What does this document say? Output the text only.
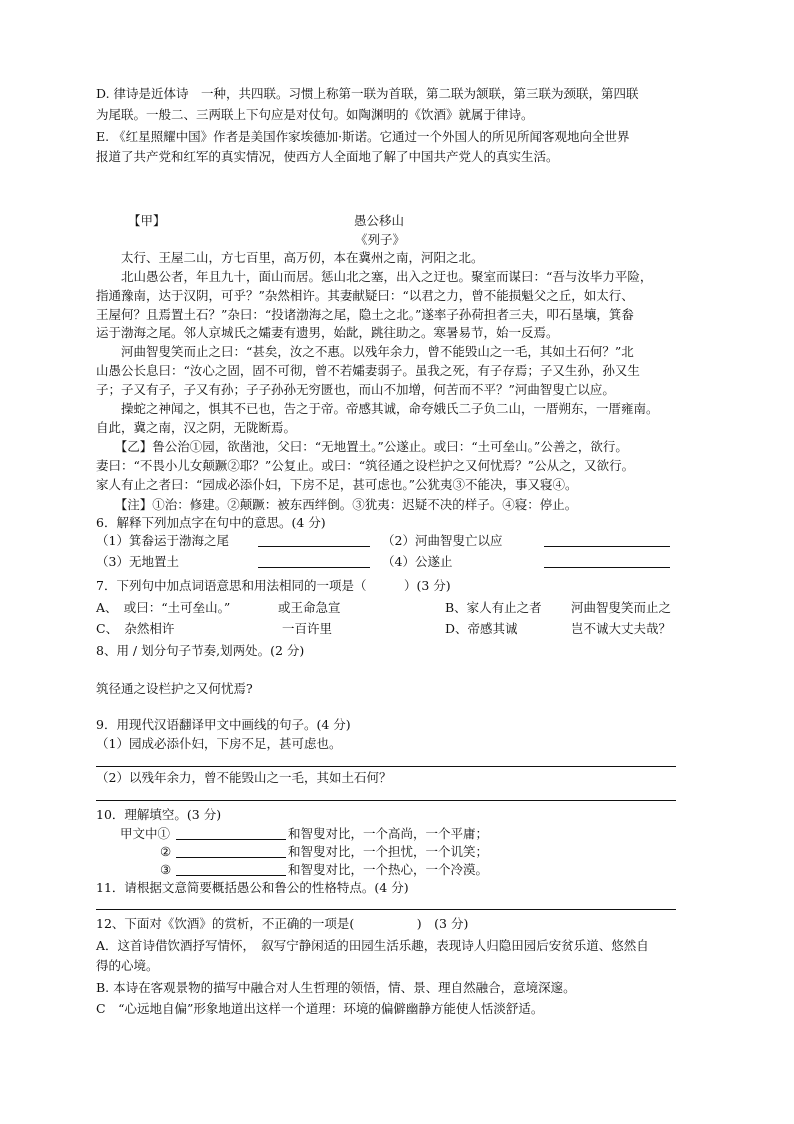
D. 律诗是近体诗　一种，共四联。习惯上称第一联为首联，第二联为颔联，第三联为颈联，第四联
为尾联。一般二、三两联上下句应是对仗句。如陶渊明的《饮酒》就属于律诗。
E. 《红星照耀中国》作者是美国作家埃德加·斯诺。它通过一个外国人的所见所闻客观地向全世界
报道了共产党和红军的真实情况，使西方人全面地了解了中国共产党人的真实生活。
【甲】	愚公移山
《列子》
　　太行、王屋二山，方七百里，高万仞，本在冀州之南，河阳之北。
　　北山愚公者，年且九十，面山而居。惩山北之塞，出入之迂也。聚室而谋曰：“吾与汝毕力平险，
指通豫南，达于汉阴，可乎？”杂然相许。其妻献疑曰：“以君之力，曾不能损魁父之丘，如太行、
王屋何？且焉置土石？”杂曰：“投诸渤海之尾，隐土之北。”遂率子孙荷担者三夫，叩石垦壤，箕畚
运于渤海之尾。邻人京城氏之孀妻有遗男，始龀，跳往助之。寒暑易节，始一反焉。
　　河曲智叟笑而止之曰：“甚矣，汝之不惠。以残年余力，曾不能毁山之一毛，其如土石何？”北
山愚公长息曰：“汝心之固，固不可彻，曾不若孀妻弱子。虽我之死，有子存焉；子又生孙，孙又生
子；子又有子，子又有孙；子子孙孙无穷匮也，而山不加增，何苦而不平？”河曲智叟亡以应。
　　操蛇之神闻之，惧其不已也，告之于帝。帝感其诚，命夸娥氏二子负二山，一厝朔东，一厝雍南。
自此，冀之南，汉之阴，无陇断焉。
　　【乙】鲁公治①园，欲凿池，父曰：“无地置土。”公遂止。或曰：“土可垒山。”公善之，欲行。
妻曰：“不畏小儿女颠蹶②耶？”公复止。或曰：“筑径通之设栏护之又何忧焉？”公从之，又欲行。
家人有止之者曰：“园成必添仆妇，下房不足，甚可虑也。”公犹夷③不能决，事又寝④。
　　【注】①治：修建。②颠蹶：被东西绊倒。③犹夷：迟疑不决的样子。④寝：停止。
6．解释下列加点字在句中的意思。(4 分)
（1）箕畚运于渤海之尾	（2）河曲智叟亡以应
（3）无地置土	（4）公遂止
7．下列句中加点词语意思和用法相同的一项是（　　　）(3 分)
A、　或曰：“土可垒山。”	或王命急宣	B、家人有止之者 河曲智叟笑而止之
C、　杂然相许	一百许里	D、帝感其诚	岂不诚大丈夫哉？
8、用 / 划分句子节奏,划两处。(2 分)
筑径通之设栏护之又何忧焉?
9．用现代汉语翻译甲文中画线的句子。(4 分)
（1）园成必添仆妇，下房不足，甚可虑也。
（2）以残年余力，曾不能毁山之一毛，其如土石何？
10．理解填空。(3 分)
甲文中①	和智叟对比，一个高尚，一个平庸；
②	和智叟对比，一个担忧，一个讥笑；
③	和智叟对比，一个热心，一个冷漠。
11．请根据文意简要概括愚公和鲁公的性格特点。(4 分)
12、下面对《饮酒》的赏析，不正确的一项是(　　　　　)　(3 分)
A．这首诗借饮酒抒写情怀，　叙写宁静闲适的田园生活乐趣，表现诗人归隐田园后安贫乐道、悠然自
得的心境。
B. 本诗在客观景物的描写中融合对人生哲理的领悟，情、景、理自然融合，意境深邃。
C　“心远地自偏”形象地道出这样一个道理：环境的偏僻幽静方能使人恬淡舒适。
